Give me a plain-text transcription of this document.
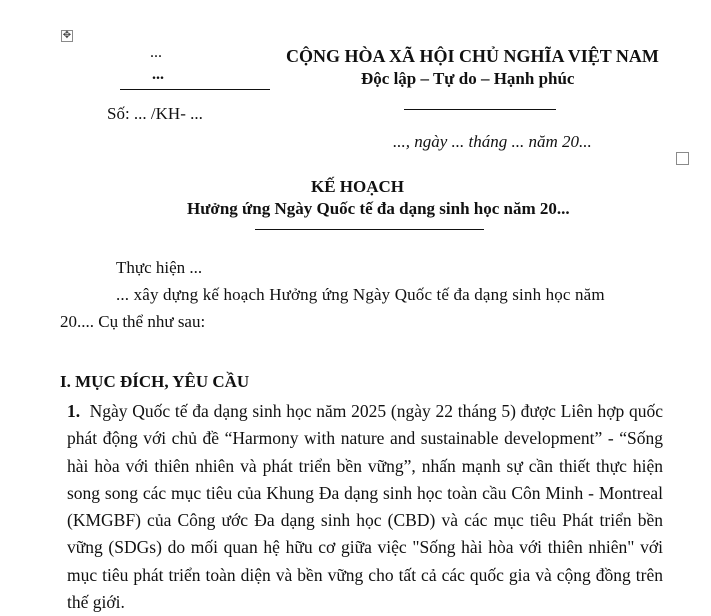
✥
...
...
Số: ... /KH- ...
CỘNG HÒA XÃ HỘI CHỦ NGHĨA VIỆT NAM
Độc lập – Tự do – Hạnh phúc
..., ngày ... tháng ... năm 20...
KẾ HOẠCH
Hưởng ứng Ngày Quốc tế đa dạng sinh học năm 20...
Thực hiện ...
... xây dựng kế hoạch Hưởng ứng Ngày Quốc tế đa dạng sinh học năm
20.... Cụ thể như sau:
I. MỤC ĐÍCH, YÊU CẦU
1. Ngày Quốc tế đa dạng sinh học năm 2025 (ngày 22 tháng 5) được Liên hợp quốc phát động với chủ đề “Harmony with nature and sustainable development” - “Sống hài hòa với thiên nhiên và phát triển bền vững”, nhấn mạnh sự cần thiết thực hiện song song các mục tiêu của Khung Đa dạng sinh học toàn cầu Côn Minh - Montreal (KMGBF) của Công ước Đa dạng sinh học (CBD) và các mục tiêu Phát triển bền vững (SDGs) do mối quan hệ hữu cơ giữa việc "Sống hài hòa với thiên nhiên" với mục tiêu phát triển toàn diện và bền vững cho tất cả các quốc gia và cộng đồng trên thế giới.
